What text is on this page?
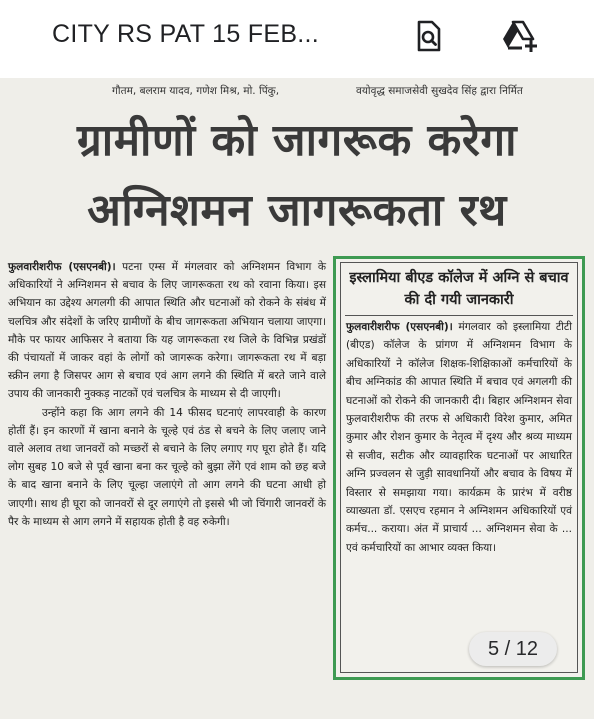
CITY RS PAT 15 FEB...
गौतम, बलराम यादव, गणेश मिश्र, मो. पिंकु,	वयोवृद्ध समाजसेवी सुखदेव सिंह द्वारा निर्मित
ग्रामीणों को जागरूक करेगा
अग्निशमन जागरूकता रथ

फुलवारीशरीफ (एसएनबी)। पटना एम्स में मंगलवार को अग्निशमन विभाग के अधिकारियों ने अग्निशमन से बचाव के लिए जागरूकता रथ को रवाना किया। इस अभियान का उद्देश्य अगलगी की आपात स्थिति और घटनाओं को रोकने के संबंध में चलचित्र और संदेशों के जरिए ग्रामीणों के बीच जागरूकता अभियान चलाया जाएगा। मौके पर फायर आफिसर ने बताया कि यह जागरूकता रथ जिले के विभिन्न प्रखंडों की पंचायतों में जाकर वहां के लोगों को जागरूक करेगा। जागरूकता रथ में बड़ा स्क्रीन लगा है जिसपर आग से बचाव एवं आग लगने की स्थिति में बरते जाने वाले उपाय की जानकारी नुक्कड़ नाटकों एवं चलचित्र के माध्यम से दी जाएगी।

उन्होंने कहा कि आग लगने की 14 फीसद घटनाएं लापरवाही के कारण होतीं हैं। इन कारणों में खाना बनाने के चूल्हे एवं ठंड से बचने के लिए जलाए जाने वाले अलाव तथा जानवरों को मच्छरों से बचाने के लिए लगाए गए घूरा होते हैं। यदि लोग सुबह 10 बजे से पूर्व खाना बना कर चूल्हे को बुझा लेंगे एवं शाम को छह बजे के बाद खाना बनाने के लिए चूल्हा जलाएंगे तो आग लगने की घटना आधी हो जाएगी। साथ ही घूरा को जानवरों से दूर लगाएंगे तो इससे भी जो चिंगारी जानवरों के पैर के माध्यम से आग लगने में सहायक होती है वह रुकेगी।

इस्लामिया बीएड कॉलेज में अग्नि से बचाव की दी गयी जानकारी
फुलवारीशरीफ (एसएनबी)। मंगलवार को इस्लामिया टीटी (बीएड) कॉलेज के प्रांगण में अग्निशमन विभाग के अधिकारियों ने कॉलेज शिक्षक-शिक्षिकाओं कर्मचारियों के बीच अग्निकांड की आपात स्थिति में बचाव एवं अगलगी की घटनाओं को रोकने की जानकारी दी। बिहार अग्निशमन सेवा फुलवारीशरीफ की तरफ से अधिकारी विरेश कुमार, अमित कुमार और रोशन कुमार के नेतृत्व में दृश्य और श्रव्य माध्यम से सजीव, सटीक और व्यावहारिक घटनाओं पर आधारित अग्नि प्रज्वलन से जुड़ी सावधानियों और बचाव के विषय में विस्तार से समझाया गया। कार्यक्रम के प्रारंभ में वरीष्ठ व्याख्यता डॉ. एसएच रहमान ने अग्निशमन अधिकारियों एवं कर्मच... कराया। अंत में प्राचार्य ... अग्निशमन सेवा के ... एवं कर्मचारियों का आभार व्यक्त किया।
5 / 12
